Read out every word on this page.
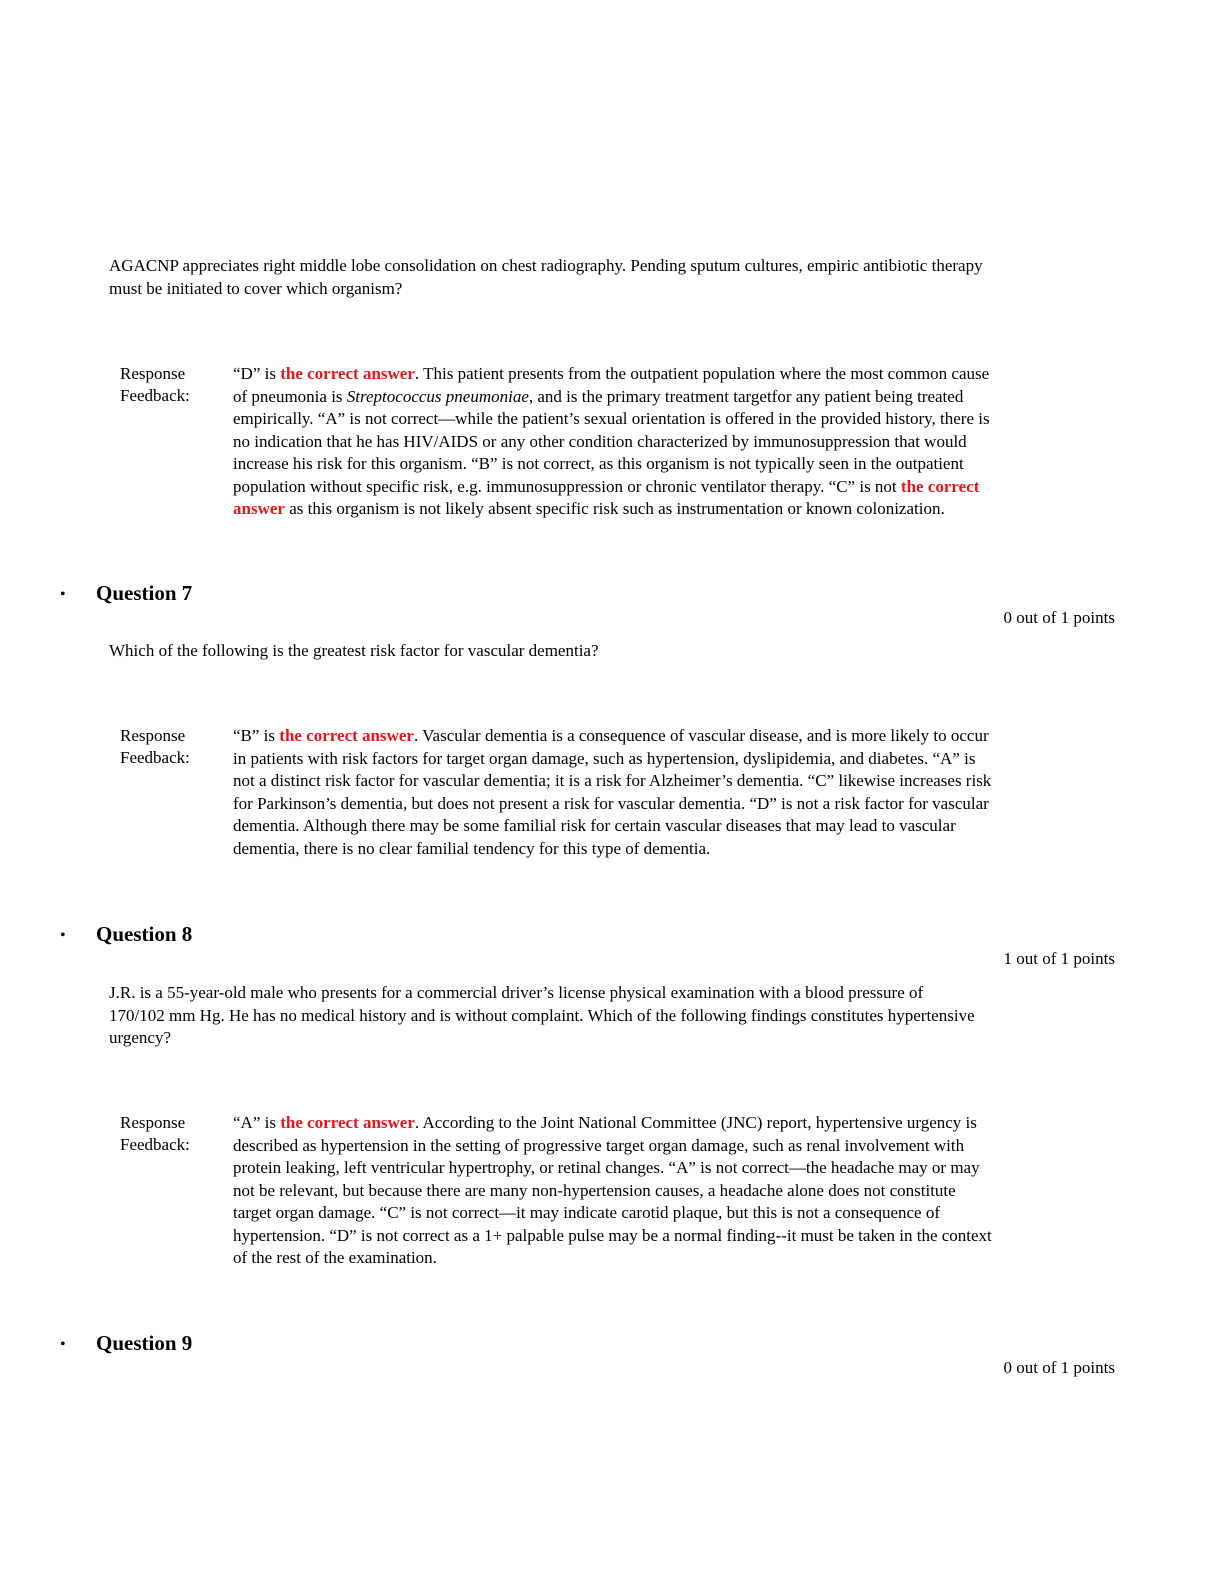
AGACNP appreciates right middle lobe consolidation on chest radiography. Pending sputum cultures, empiric antibiotic therapy must be initiated to cover which organism?
Response
Feedback:
“D” is the correct answer. This patient presents from the outpatient population where the most common cause of pneumonia is Streptococcus pneumoniae, and is the primary treatment targetfor any patient being treated empirically. “A” is not correct—while the patient’s sexual orientation is offered in the provided history, there is no indication that he has HIV/AIDS or any other condition characterized by immunosuppression that would increase his risk for this organism. “B” is not correct, as this organism is not typically seen in the outpatient population without specific risk, e.g. immunosuppression or chronic ventilator therapy. “C” is not the correct answer as this organism is not likely absent specific risk such as instrumentation or known colonization.
• Question 7
0 out of 1 points
Which of the following is the greatest risk factor for vascular dementia?
Response
Feedback:
“B” is the correct answer. Vascular dementia is a consequence of vascular disease, and is more likely to occur in patients with risk factors for target organ damage, such as hypertension, dyslipidemia, and diabetes. “A” is not a distinct risk factor for vascular dementia; it is a risk for Alzheimer’s dementia. “C” likewise increases risk for Parkinson’s dementia, but does not present a risk for vascular dementia. “D” is not a risk factor for vascular dementia. Although there may be some familial risk for certain vascular diseases that may lead to vascular dementia, there is no clear familial tendency for this type of dementia.
• Question 8
1 out of 1 points
J.R. is a 55-year-old male who presents for a commercial driver’s license physical examination with a blood pressure of 170/102 mm Hg. He has no medical history and is without complaint. Which of the following findings constitutes hypertensive urgency?
Response
Feedback:
“A” is the correct answer. According to the Joint National Committee (JNC) report, hypertensive urgency is described as hypertension in the setting of progressive target organ damage, such as renal involvement with protein leaking, left ventricular hypertrophy, or retinal changes. “A” is not correct—the headache may or may not be relevant, but because there are many non-hypertension causes, a headache alone does not constitute target organ damage. “C” is not correct—it may indicate carotid plaque, but this is not a consequence of hypertension. “D” is not correct as a 1+ palpable pulse may be a normal finding--it must be taken in the context of the rest of the examination.
• Question 9
0 out of 1 points
